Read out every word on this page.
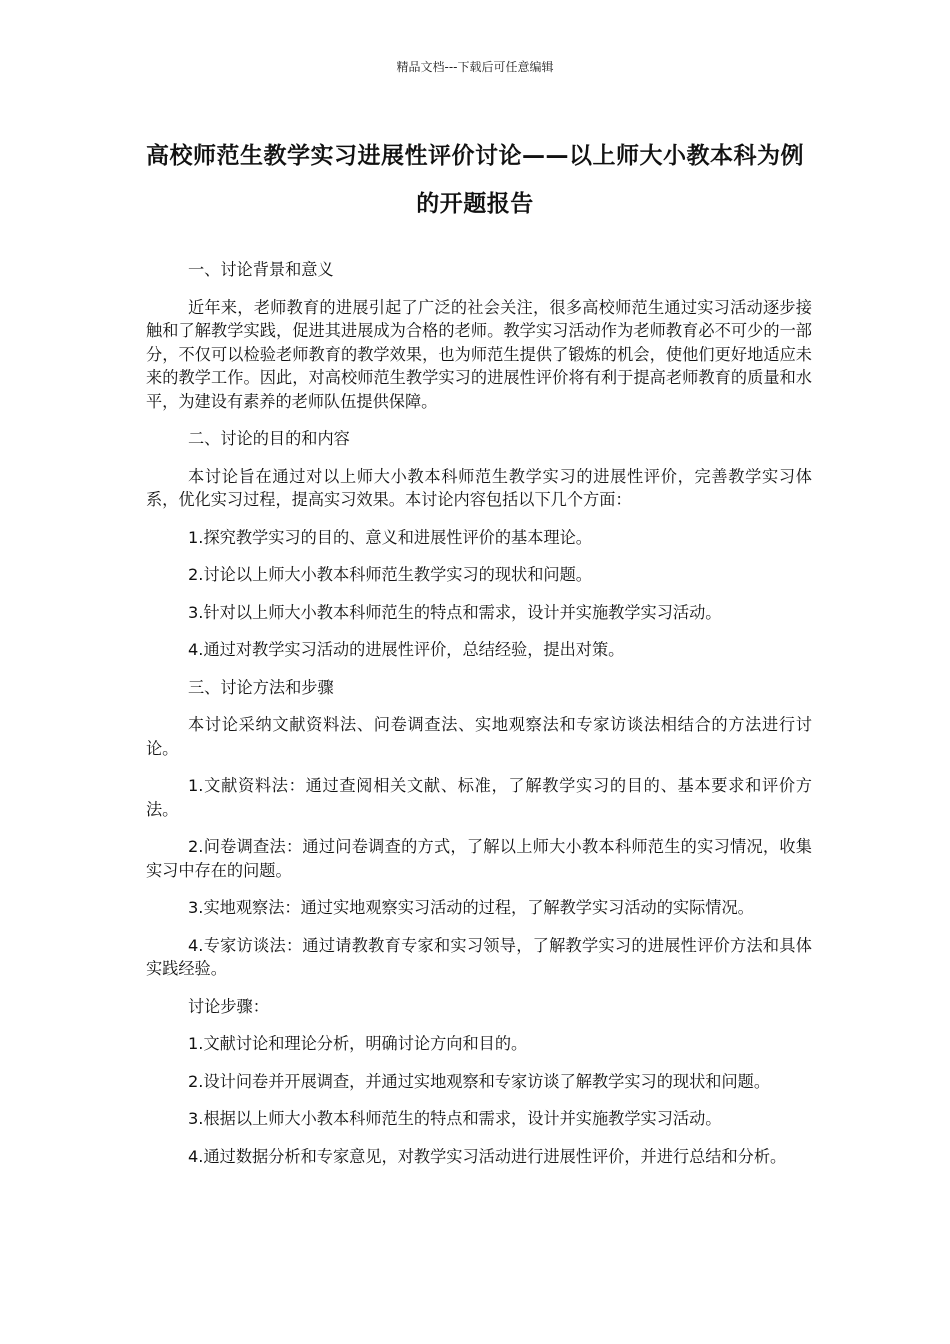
精品文档---下载后可任意编辑
高校师范生教学实习进展性评价讨论——以上师大小教本科为例的开题报告

一、讨论背景和意义

近年来，老师教育的进展引起了广泛的社会关注，很多高校师范生通过实习活动逐步接触和了解教学实践，促进其进展成为合格的老师。教学实习活动作为老师教育必不可少的一部分，不仅可以检验老师教育的教学效果，也为师范生提供了锻炼的机会，使他们更好地适应未来的教学工作。因此，对高校师范生教学实习的进展性评价将有利于提高老师教育的质量和水平，为建设有素养的老师队伍提供保障。

二、讨论的目的和内容

本讨论旨在通过对以上师大小教本科师范生教学实习的进展性评价，完善教学实习体系，优化实习过程，提高实习效果。本讨论内容包括以下几个方面：

1.探究教学实习的目的、意义和进展性评价的基本理论。

2.讨论以上师大小教本科师范生教学实习的现状和问题。

3.针对以上师大小教本科师范生的特点和需求，设计并实施教学实习活动。

4.通过对教学实习活动的进展性评价，总结经验，提出对策。

三、讨论方法和步骤

本讨论采纳文献资料法、问卷调查法、实地观察法和专家访谈法相结合的方法进行讨论。

1.文献资料法：通过查阅相关文献、标准，了解教学实习的目的、基本要求和评价方法。

2.问卷调查法：通过问卷调查的方式，了解以上师大小教本科师范生的实习情况，收集实习中存在的问题。

3.实地观察法：通过实地观察实习活动的过程，了解教学实习活动的实际情况。

4.专家访谈法：通过请教教育专家和实习领导，了解教学实习的进展性评价方法和具体实践经验。

讨论步骤：

1.文献讨论和理论分析，明确讨论方向和目的。

2.设计问卷并开展调查，并通过实地观察和专家访谈了解教学实习的现状和问题。

3.根据以上师大小教本科师范生的特点和需求，设计并实施教学实习活动。

4.通过数据分析和专家意见，对教学实习活动进行进展性评价，并进行总结和分析。
